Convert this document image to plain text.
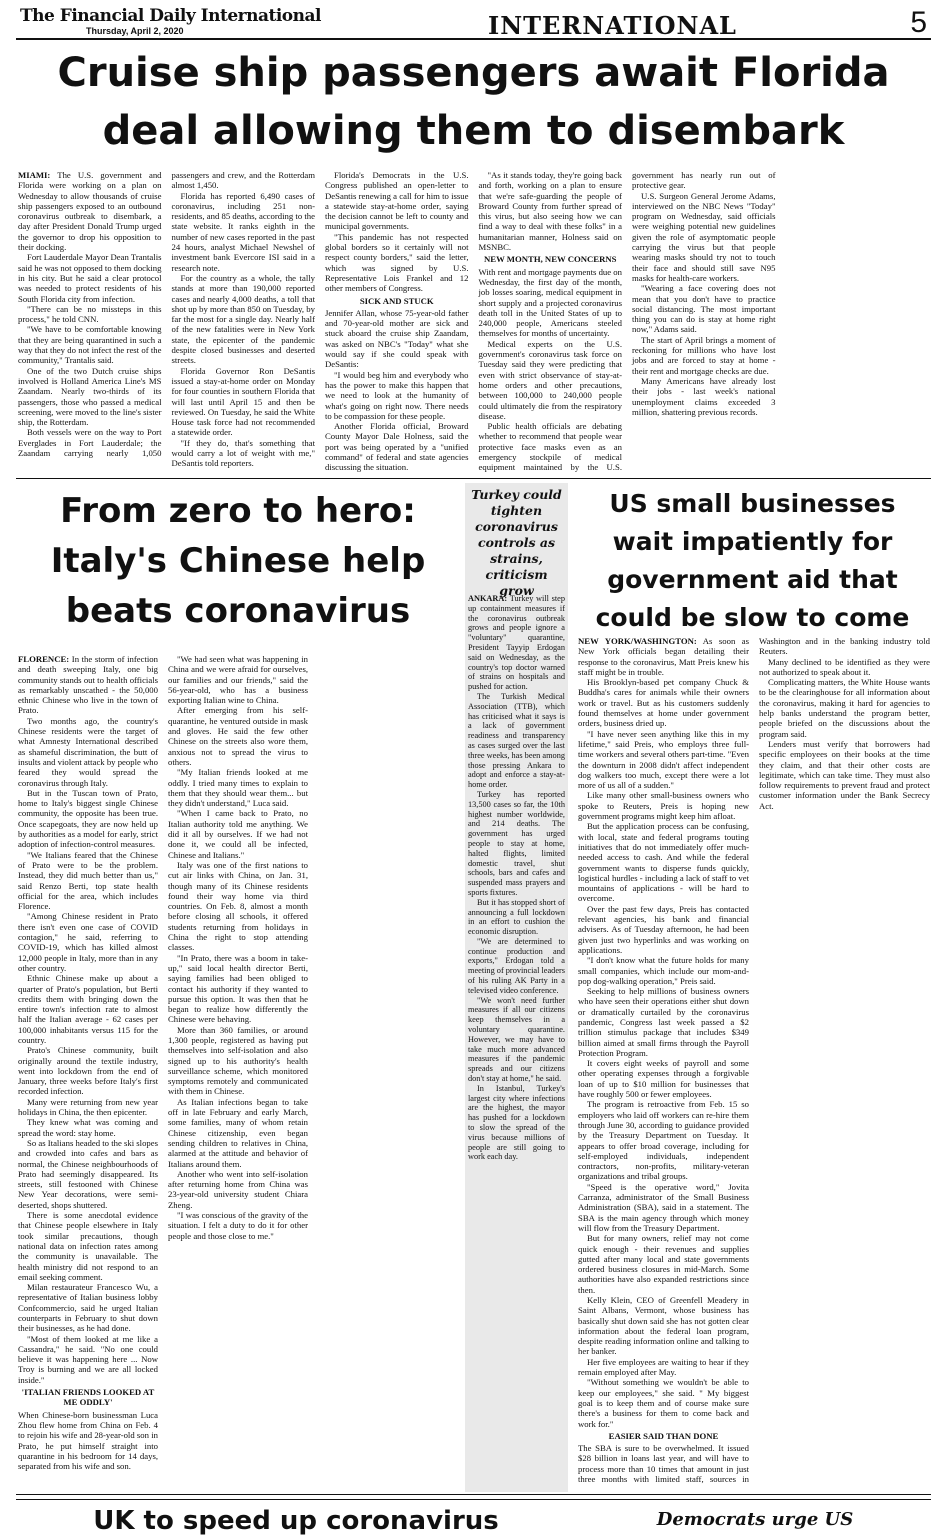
The Financial Daily International
Thursday, April 2, 2020	INTERNATIONAL	5
Cruise ship passengers await Florida
deal allowing them to disembark

MIAMI: The U.S. government and Florida were working on a plan on Wednesday to allow thousands of cruise ship passengers exposed to an outbound coronavirus outbreak to disembark, a day after President Donald Trump urged the governor to drop his opposition to their docking.

Fort Lauderdale Mayor Dean Trantalis said he was not opposed to them docking in his city. But he said a clear protocol was needed to protect residents of his South Florida city from infection.

"There can be no missteps in this process," he told CNN.

"We have to be comfortable knowing that they are being quarantined in such a way that they do not infect the rest of the community," Trantalis said.

One of the two Dutch cruise ships involved is Holland America Line's MS Zaandam. Nearly two-thirds of its passengers, those who passed a medical screening, were moved to the line's sister ship, the Rotterdam.

Both vessels were on the way to Port Everglades in Fort Lauderdale; the Zaandam carrying nearly 1,050 passengers and crew, and the Rotterdam almost 1,450.

Florida has reported 6,490 cases of coronavirus, including 251 non-residents, and 85 deaths, according to the state website. It ranks eighth in the number of new cases reported in the past 24 hours, analyst Michael Newshel of investment bank Evercore ISI said in a research note.

For the country as a whole, the tally stands at more than 190,000 reported cases and nearly 4,000 deaths, a toll that shot up by more than 850 on Tuesday, by far the most for a single day. Nearly half of the new fatalities were in New York state, the epicenter of the pandemic despite closed businesses and deserted streets.

Florida Governor Ron DeSantis issued a stay-at-home order on Monday for four counties in southern Florida that will last until April 15 and then be reviewed. On Tuesday, he said the White House task force had not recommended a statewide order.

"If they do, that's something that would carry a lot of weight with me," DeSantis told reporters.

Florida's Democrats in the U.S. Congress published an open-letter to DeSantis renewing a call for him to issue a statewide stay-at-home order, saying the decision cannot be left to county and municipal governments.

"This pandemic has not respected global borders so it certainly will not respect county borders," said the letter, which was signed by U.S. Representative Lois Frankel and 12 other members of Congress.

SICK AND STUCK

Jennifer Allan, whose 75-year-old father and 70-year-old mother are sick and stuck aboard the cruise ship Zaandam, was asked on NBC's "Today" what she would say if she could speak with DeSantis:

"I would beg him and everybody who has the power to make this happen that we need to look at the humanity of what's going on right now. There needs to be compassion for these people.

Another Florida official, Broward County Mayor Dale Holness, said the port was being operated by a "unified command" of federal and state agencies discussing the situation.

"As it stands today, they're going back and forth, working on a plan to ensure that we're safe-guarding the people of Broward County from further spread of this virus, but also seeing how we can find a way to deal with these folks" in a humanitarian manner, Holness said on MSNBC.

NEW MONTH, NEW CONCERNS

With rent and mortgage payments due on Wednesday, the first day of the month, job losses soaring, medical equipment in short supply and a projected coronavirus death toll in the United States of up to 240,000 people, Americans steeled themselves for months of uncertainty.

Medical experts on the U.S. government's coronavirus task force on Tuesday said they were predicting that even with strict observance of stay-at-home orders and other precautions, between 100,000 to 240,000 people could ultimately die from the respiratory disease.

Public health officials are debating whether to recommend that people wear protective face masks even as an emergency stockpile of medical equipment maintained by the U.S. government has nearly run out of protective gear.

U.S. Surgeon General Jerome Adams, interviewed on the NBC News "Today" program on Wednesday, said officials were weighing potential new guidelines given the role of asymptomatic people carrying the virus but that people wearing masks should try not to touch their face and should still save N95 masks for health-care workers.

"Wearing a face covering does not mean that you don't have to practice social distancing. The most important thing you can do is stay at home right now," Adams said.

The start of April brings a moment of reckoning for millions who have lost jobs and are forced to stay at home - their rent and mortgage checks are due.

Many Americans have already lost their jobs - last week's national unemployment claims exceeded 3 million, shattering previous records.

From zero to hero:
Italy's Chinese help
beats coronavirus

FLORENCE: In the storm of infection and death sweeping Italy, one big community stands out to health officials as remarkably unscathed - the 50,000 ethnic Chinese who live in the town of Prato.

Two months ago, the country's Chinese residents were the target of what Amnesty International described as shameful discrimination, the butt of insults and violent attack by people who feared they would spread the coronavirus through Italy.

But in the Tuscan town of Prato, home to Italy's biggest single Chinese community, the opposite has been true. Once scapegoats, they are now held up by authorities as a model for early, strict adoption of infection-control measures.

"We Italians feared that the Chinese of Prato were to be the problem. Instead, they did much better than us," said Renzo Berti, top state health official for the area, which includes Florence.

"Among Chinese resident in Prato there isn't even one case of COVID contagion," he said, referring to COVID-19, which has killed almost 12,000 people in Italy, more than in any other country.

Ethnic Chinese make up about a quarter of Prato's population, but Berti credits them with bringing down the entire town's infection rate to almost half the Italian average - 62 cases per 100,000 inhabitants versus 115 for the country.

Prato's Chinese community, built originally around the textile industry, went into lockdown from the end of January, three weeks before Italy's first recorded infection.

Many were returning from new year holidays in China, the then epicenter.

They knew what was coming and spread the word: stay home.

So as Italians headed to the ski slopes and crowded into cafes and bars as normal, the Chinese neighbourhoods of Prato had seemingly disappeared. Its streets, still festooned with Chinese New Year decorations, were semi-deserted, shops shuttered.

There is some anecdotal evidence that Chinese people elsewhere in Italy took similar precautions, though national data on infection rates among the community is unavailable. The health ministry did not respond to an email seeking comment.

Milan restaurateur Francesco Wu, a representative of Italian business lobby Confcommercio, said he urged Italian counterparts in February to shut down their businesses, as he had done.

"Most of them looked at me like a Cassandra," he said. "No one could believe it was happening here ... Now Troy is burning and we are all locked inside."

'ITALIAN FRIENDS LOOKED AT ME ODDLY'

When Chinese-born businessman Luca Zhou flew home from China on Feb. 4 to rejoin his wife and 28-year-old son in Prato, he put himself straight into quarantine in his bedroom for 14 days, separated from his wife and son.

"We had seen what was happening in China and we were afraid for ourselves, our families and our friends," said the 56-year-old, who has a business exporting Italian wine to China.

After emerging from his self-quarantine, he ventured outside in mask and gloves. He said the few other Chinese on the streets also wore them, anxious not to spread the virus to others.

"My Italian friends looked at me oddly. I tried many times to explain to them that they should wear them... but they didn't understand," Luca said.

"When I came back to Prato, no Italian authority told me anything. We did it all by ourselves. If we had not done it, we could all be infected, Chinese and Italians."

Italy was one of the first nations to cut air links with China, on Jan. 31, though many of its Chinese residents found their way home via third countries. On Feb. 8, almost a month before closing all schools, it offered students returning from holidays in China the right to stop attending classes.

"In Prato, there was a boom in take-up," said local health director Berti, saying families had been obliged to contact his authority if they wanted to pursue this option. It was then that he began to realize how differently the Chinese were behaving.

More than 360 families, or around 1,300 people, registered as having put themselves into self-isolation and also signed up to his authority's health surveillance scheme, which monitored symptoms remotely and communicated with them in Chinese.

As Italian infections began to take off in late February and early March, some families, many of whom retain Chinese citizenship, even began sending children to relatives in China, alarmed at the attitude and behavior of Italians around them.

Another who went into self-isolation after returning home from China was 23-year-old university student Chiara Zheng.

"I was conscious of the gravity of the situation. I felt a duty to do it for other people and those close to me."

Turkey could
tighten
coronavirus
controls as
strains,
criticism grow

ANKARA: Turkey will step up containment measures if the coronavirus outbreak grows and people ignore a "voluntary" quarantine, President Tayyip Erdogan said on Wednesday, as the country's top doctor warned of strains on hospitals and pushed for action.

The Turkish Medical Association (TTB), which has criticised what it says is a lack of government readiness and transparency as cases surged over the last three weeks, has been among those pressing Ankara to adopt and enforce a stay-at-home order.

Turkey has reported 13,500 cases so far, the 10th highest number worldwide, and 214 deaths. The government has urged people to stay at home, halted flights, limited domestic travel, shut schools, bars and cafes and suspended mass prayers and sports fixtures.

But it has stopped short of announcing a full lockdown in an effort to cushion the economic disruption.

"We are determined to continue production and exports," Erdogan told a meeting of provincial leaders of his ruling AK Party in a televised video conference.

"We won't need further measures if all our citizens keep themselves in a voluntary quarantine. However, we may have to take much more advanced measures if the pandemic spreads and our citizens don't stay at home," he said.

In Istanbul, Turkey's largest city where infections are the highest, the mayor has pushed for a lockdown to slow the spread of the virus because millions of people are still going to work each day.

US small businesses
wait impatiently for
government aid that
could be slow to come

NEW YORK/WASHINGTON: As soon as New York officials began detailing their response to the coronavirus, Matt Preis knew his staff might be in trouble.

His Brooklyn-based pet company Chuck & Buddha's cares for animals while their owners work or travel. But as his customers suddenly found themselves at home under government orders, business dried up.

"I have never seen anything like this in my lifetime," said Preis, who employs three full-time workers and several others part-time. "Even the downturn in 2008 didn't affect independent dog walkers too much, except there were a lot more of us all of a sudden."

Like many other small-business owners who spoke to Reuters, Preis is hoping new government programs might keep him afloat.

But the application process can be confusing, with local, state and federal programs touting initiatives that do not immediately offer much-needed access to cash. And while the federal government wants to disperse funds quickly, logistical hurdles - including a lack of staff to vet mountains of applications - will be hard to overcome.

Over the past few days, Preis has contacted relevant agencies, his bank and financial advisers. As of Tuesday afternoon, he had been given just two hyperlinks and was working on applications.

"I don't know what the future holds for many small companies, which include our mom-and-pop dog-walking operation," Preis said.

Seeking to help millions of business owners who have seen their operations either shut down or dramatically curtailed by the coronavirus pandemic, Congress last week passed a $2 trillion stimulus package that includes $349 billion aimed at small firms through the Payroll Protection Program.

It covers eight weeks of payroll and some other operating expenses through a forgivable loan of up to $10 million for businesses that have roughly 500 or fewer employees.

The program is retroactive from Feb. 15 so employers who laid off workers can re-hire them through June 30, according to guidance provided by the Treasury Department on Tuesday. It appears to offer broad coverage, including for self-employed individuals, independent contractors, non-profits, military-veteran organizations and tribal groups.

"Speed is the operative word," Jovita Carranza, administrator of the Small Business Administration (SBA), said in a statement. The SBA is the main agency through which money will flow from the Treasury Department.

But for many owners, relief may not come quick enough - their revenues and supplies gutted after many local and state governments ordered business closures in mid-March. Some authorities have also expanded restrictions since then.

Kelly Klein, CEO of Greenfell Meadery in Saint Albans, Vermont, whose business has basically shut down said she has not gotten clear information about the federal loan program, despite reading information online and talking to her banker.

Her five employees are waiting to hear if they remain employed after May.

"Without something we wouldn't be able to keep our employees," she said. " My biggest goal is to keep them and of course make sure there's a business for them to come back and work for."

EASIER SAID THAN DONE

The SBA is sure to be overwhelmed. It issued $28 billion in loans last year, and will have to process more than 10 times that amount in just three months with limited staff, sources in Washington and in the banking industry told Reuters.

Many declined to be identified as they were not authorized to speak about it.

Complicating matters, the White House wants to be the clearinghouse for all information about the coronavirus, making it hard for agencies to help banks understand the program better, people briefed on the discussions about the program said.

Lenders must verify that borrowers had specific employees on their books at the time they claim, and that their other costs are legitimate, which can take time. They must also follow requirements to prevent fraud and protect customer information under the Bank Secrecy Act.

UK to speed up coronavirus	Democrats urge US
